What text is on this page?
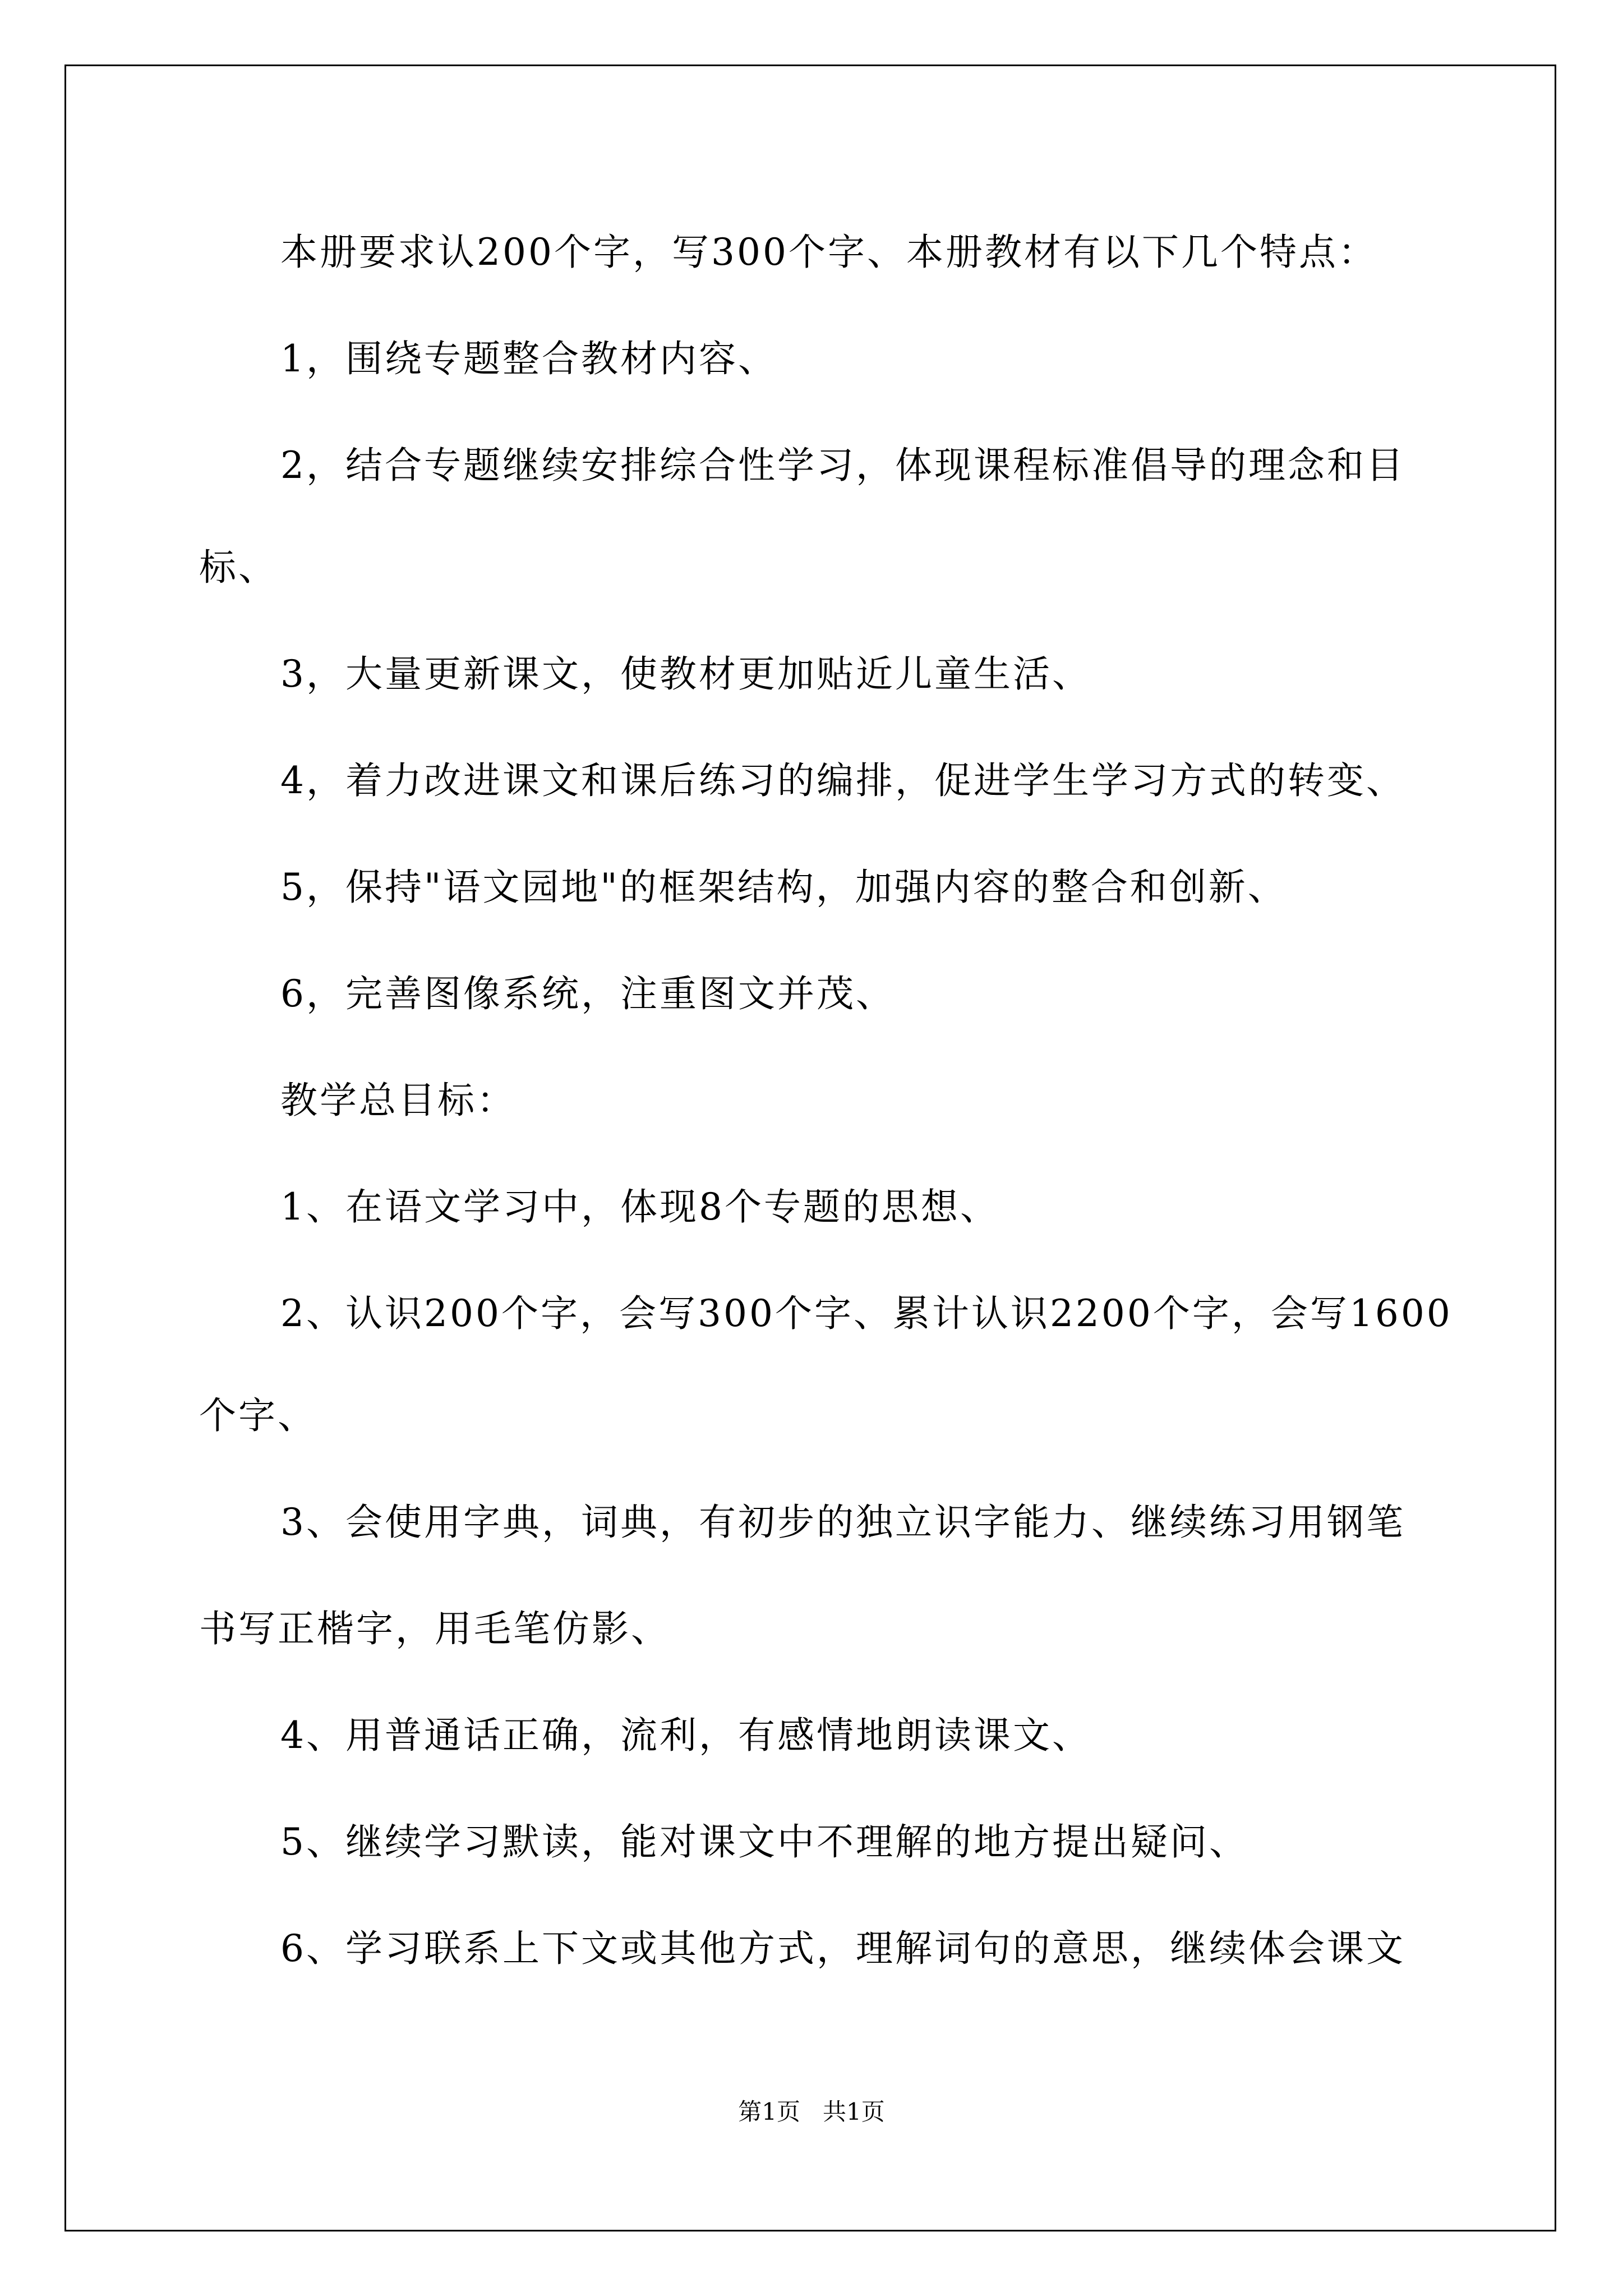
本册要求认200个字，写300个字、本册教材有以下几个特点：
1，围绕专题整合教材内容、
2，结合专题继续安排综合性学习，体现课程标准倡导的理念和目
标、
3，大量更新课文，使教材更加贴近儿童生活、
4，着力改进课文和课后练习的编排，促进学生学习方式的转变、
5，保持"语文园地"的框架结构，加强内容的整合和创新、
6，完善图像系统，注重图文并茂、
教学总目标：
1、在语文学习中，体现8个专题的思想、
2、认识200个字，会写300个字、累计认识2200个字，会写1600
个字、
3、会使用字典，词典，有初步的独立识字能力、继续练习用钢笔
书写正楷字，用毛笔仿影、
4、用普通话正确，流利，有感情地朗读课文、
5、继续学习默读，能对课文中不理解的地方提出疑问、
6、学习联系上下文或其他方式，理解词句的意思，继续体会课文
第1页   共1页
